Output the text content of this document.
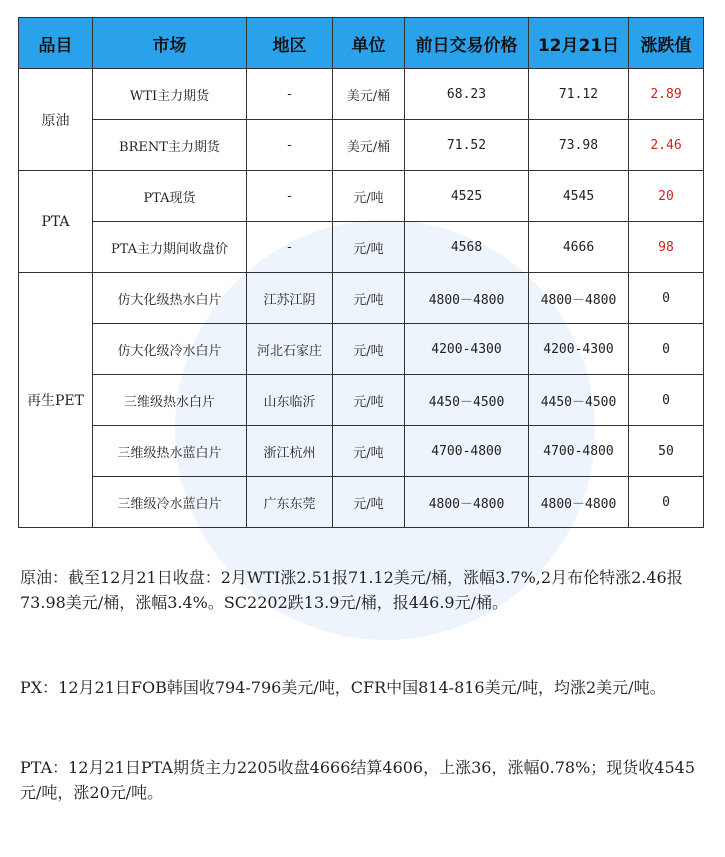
品目	市场	地区	单位	前日交易价格	12月21日	涨跌值
原油	WTI主力期货	-	美元/桶	68.23	71.12	2.89
	BRENT主力期货	-	美元/桶	71.52	73.98	2.46
PTA	PTA现货	-	元/吨	4525	4545	20
	PTA主力期间收盘价	-	元/吨	4568	4666	98
再生PET	仿大化级热水白片	江苏江阴	元/吨	4800－4800	4800－4800	0
	仿大化级冷水白片	河北石家庄	元/吨	4200-4300	4200-4300	0
	三维级热水白片	山东临沂	元/吨	4450－4500	4450－4500	0
	三维级热水蓝白片	浙江杭州	元/吨	4700-4800	4700-4800	50
	三维级冷水蓝白片	广东东莞	元/吨	4800－4800	4800－4800	0
原油：截至12月21日收盘：2月WTI涨2.51报71.12美元/桶，涨幅3.7%,2月布伦特涨2.46报73.98美元/桶，涨幅3.4%。SC2202跌13.9元/桶，报446.9元/桶。
PX：12月21日FOB韩国收794-796美元/吨，CFR中国814-816美元/吨，均涨2美元/吨。
PTA：12月21日PTA期货主力2205收盘4666结算4606，上涨36，涨幅0.78%；现货收4545元/吨，涨20元/吨。
